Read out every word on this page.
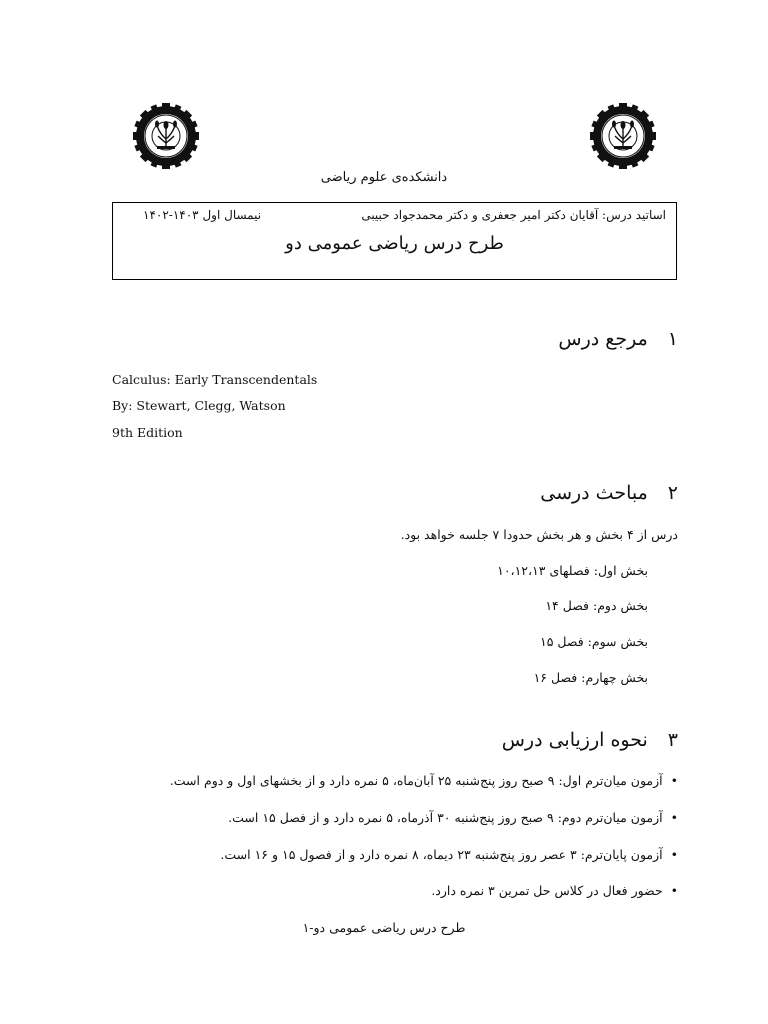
دانشکده‌ی علوم ریاضی
اساتید درس: آقایان دکتر امیر جعفری و دکتر محمدجواد حبیبی
نیمسال اول ۱۴۰۳-۱۴۰۲
طرح درس ریاضی عمومی دو
۱مرجع درس
Calculus: Early Transcendentals
By: Stewart, Clegg, Watson
9th Edition
۲مباحث درسی
درس از ۴ بخش و هر بخش حدودا ۷ جلسه خواهد بود.
بخش اول: فصلهای ۱۰،۱۲،۱۳
بخش دوم: فصل ۱۴
بخش سوم: فصل ۱۵
بخش چهارم: فصل ۱۶
۳نحوه ارزیابی درس
•آزمون میان‌ترم اول: ۹ صبح روز پنج‌شنبه ۲۵ آبان‌ماه، ۵ نمره دارد و از بخشهای اول و دوم است.
•آزمون میان‌ترم دوم: ۹ صبح روز پنج‌شنبه ۳۰ آذرماه، ۵ نمره دارد و از فصل ۱۵ است.
•آزمون پایان‌ترم: ۳ عصر روز پنج‌شنبه ۲۳ دیماه، ۸ نمره دارد و از فصول ۱۵ و ۱۶ است.
•حضور فعال در کلاس حل تمرین ۳ نمره دارد.
طرح درس ریاضی عمومی دو-۱
